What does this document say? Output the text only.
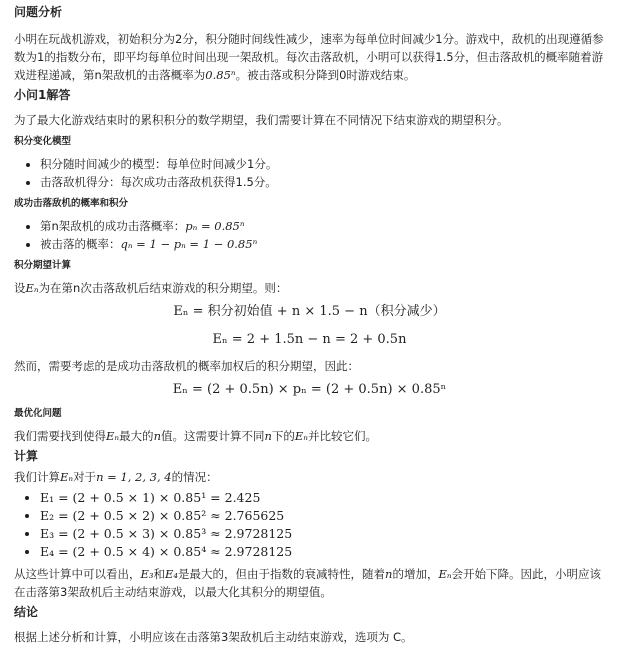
问题分析

小明在玩战机游戏，初始积分为2分，积分随时间线性减少，速率为每单位时间减少1分。游戏中，敌机的出现遵循参数为1的指数分布，即平均每单位时间出现一架敌机。每次击落敌机，小明可以获得1.5分，但击落敌机的概率随着游戏进程递减，第n架敌机的击落概率为0.85ⁿ。被击落或积分降到0时游戏结束。

小问1解答

为了最大化游戏结束时的累积积分的数学期望，我们需要计算在不同情况下结束游戏的期望积分。

积分变化模型
• 积分随时间减少的模型：每单位时间减少1分。
• 击落敌机得分：每次成功击落敌机获得1.5分。
成功击落敌机的概率和积分
• 第n架敌机的成功击落概率：pₙ = 0.85ⁿ
• 被击落的概率：qₙ = 1 − pₙ = 1 − 0.85ⁿ
积分期望计算

设Eₙ为在第n次击落敌机后结束游戏的积分期望。则：

Eₙ = 积分初始值 + n × 1.5 − n（积分减少）
Eₙ = 2 + 1.5n − n = 2 + 0.5n

然而，需要考虑的是成功击落敌机的概率加权后的积分期望，因此：

Eₙ = (2 + 0.5n) × pₙ = (2 + 0.5n) × 0.85ⁿ
最优化问题

我们需要找到使得Eₙ最大的n值。这需要计算不同n下的Eₙ并比较它们。

计算

我们计算Eₙ对于n = 1, 2, 3, 4的情况：

• E₁ = (2 + 0.5 × 1) × 0.85¹ = 2.425
• E₂ = (2 + 0.5 × 2) × 0.85² ≈ 2.765625
• E₃ = (2 + 0.5 × 3) × 0.85³ ≈ 2.9728125
• E₄ = (2 + 0.5 × 4) × 0.85⁴ ≈ 2.9728125

从这些计算中可以看出，E₃和E₄是最大的，但由于指数的衰减特性，随着n的增加，Eₙ会开始下降。因此，小明应该在击落第3架敌机后主动结束游戏，以最大化其积分的期望值。

结论

根据上述分析和计算，小明应该在击落第3架敌机后主动结束游戏，选项为 C。
